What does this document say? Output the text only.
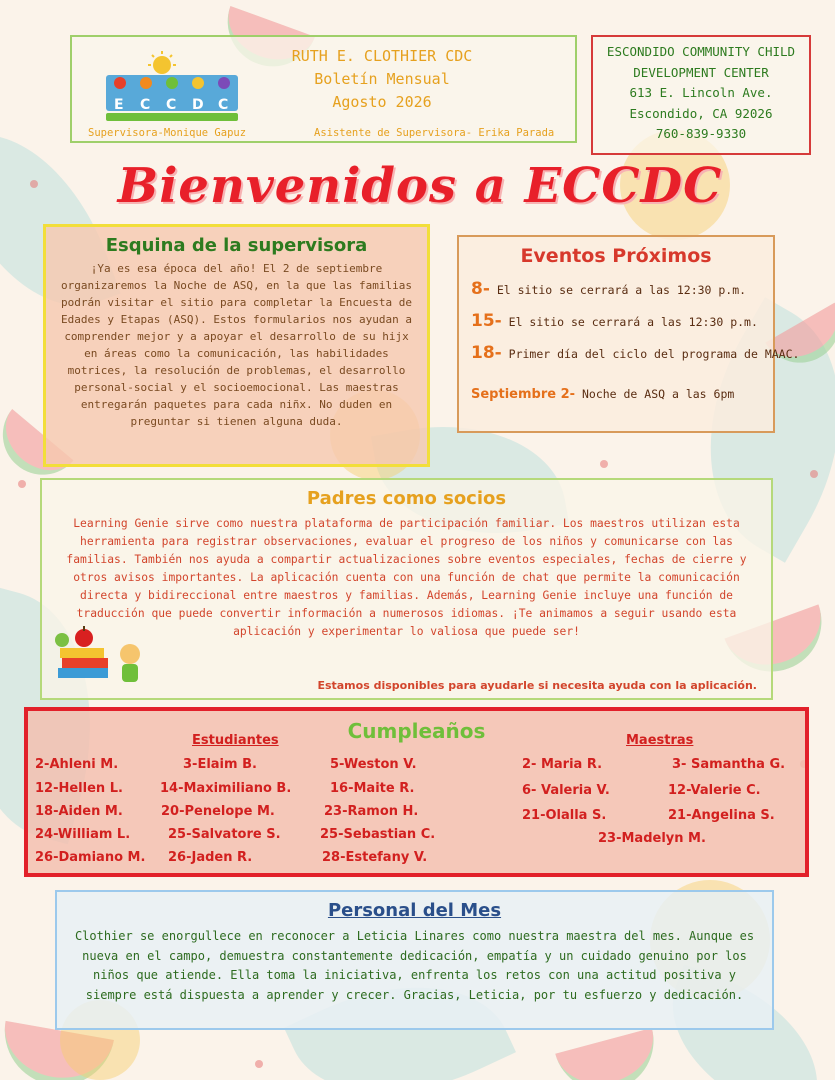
E C C D C
RUTH E. CLOTHIER CDC
Boletín Mensual
Agosto 2026
Supervisora-Monique Gapuz	Asistente de Supervisora- Erika Parada
ESCONDIDO COMMUNITY CHILD
DEVELOPMENT CENTER
613 E. Lincoln Ave.
Escondido, CA 92026
760-839-9330
Bienvenidos a ECCDC
Esquina de la supervisora

¡Ya es esa época del año! El 2 de septiembre organizaremos la Noche de ASQ, en la que las familias podrán visitar el sitio para completar la Encuesta de Edades y Etapas (ASQ). Estos formularios nos ayudan a comprender mejor y a apoyar el desarrollo de su hijx en áreas como la comunicación, las habilidades motrices, la resolución de problemas, el desarrollo personal-social y el socioemocional. Las maestras entregarán paquetes para cada niñx. No duden en preguntar si tienen alguna duda.

Eventos Próximos
8- El sitio se cerrará a las 12:30 p.m.
15- El sitio se cerrará a las 12:30 p.m.
18- Primer día del ciclo del programa de MAAC.
Septiembre 2- Noche de ASQ a las 6pm
Padres como socios

Learning Genie sirve como nuestra plataforma de participación familiar. Los maestros utilizan esta herramienta para registrar observaciones, evaluar el progreso de los niños y comunicarse con las familias. También nos ayuda a compartir actualizaciones sobre eventos especiales, fechas de cierre y otros avisos importantes. La aplicación cuenta con una función de chat que permite la comunicación directa y bidireccional entre maestros y familias. Además, Learning Genie incluye una función de traducción que puede convertir información a numerosos idiomas. ¡Te animamos a seguir usando esta aplicación y experimentar lo valiosa que puede ser!

Estamos disponibles para ayudarle si necesita ayuda con la aplicación.
Cumpleaños
Estudiantes	Maestras
2-Ahleni M.
12-Hellen L.
18-Aiden M.
24-William L.
26-Damiano M.
3-Elaim B.
14-Maximiliano B.
20-Penelope M.
25-Salvatore S.
26-Jaden R.
5-Weston V.
16-Maite R.
23-Ramon H.
25-Sebastian C.
28-Estefany V.
2- Maria R.
6- Valeria V.
21-Olalla S.
3- Samantha G.
12-Valerie C.
21-Angelina S.
23-Madelyn M.
Personal del Mes

Clothier se enorgullece en reconocer a Leticia Linares como nuestra maestra del mes. Aunque es nueva en el campo, demuestra constantemente dedicación, empatía y un cuidado genuino por los niños que atiende. Ella toma la iniciativa, enfrenta los retos con una actitud positiva y siempre está dispuesta a aprender y crecer. Gracias, Leticia, por tu esfuerzo y dedicación.
